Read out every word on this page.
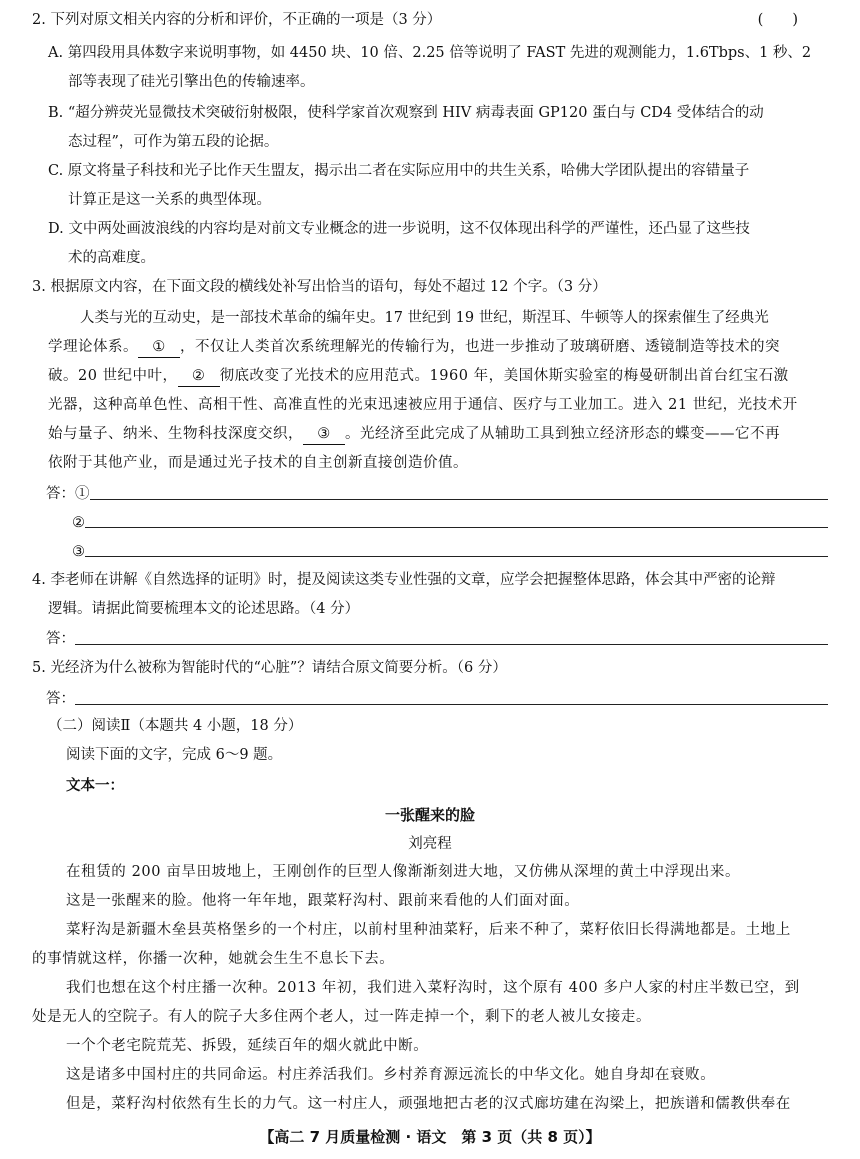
2. 下列对原文相关内容的分析和评价，不正确的一项是（3 分）	(　　)
A. 第四段用具体数字来说明事物，如 4450 块、10 倍、2.25 倍等说明了 FAST 先进的观测能力，1.6Tbps、1 秒、2
部等表现了硅光引擎出色的传输速率。
B. “超分辨荧光显微技术突破衍射极限，使科学家首次观察到 HIV 病毒表面 GP120 蛋白与 CD4 受体结合的动
态过程”，可作为第五段的论据。
C. 原文将量子科技和光子比作天生盟友，揭示出二者在实际应用中的共生关系，哈佛大学团队提出的容错量子
计算正是这一关系的典型体现。
D. 文中两处画波浪线的内容均是对前文专业概念的进一步说明，这不仅体现出科学的严谨性，还凸显了这些技
术的高难度。
3. 根据原文内容，在下面文段的横线处补写出恰当的语句，每处不超过 12 个字。（3 分）
人类与光的互动史，是一部技术革命的编年史。17 世纪到 19 世纪，斯涅耳、牛顿等人的探索催生了经典光
学理论体系。 ① ，不仅让人类首次系统理解光的传输行为，也进一步推动了玻璃研磨、透镜制造等技术的突
破。20 世纪中叶， ② 彻底改变了光技术的应用范式。1960 年，美国休斯实验室的梅曼研制出首台红宝石激
光器，这种高单色性、高相干性、高准直性的光束迅速被应用于通信、医疗与工业加工。进入 21 世纪，光技术开
始与量子、纳米、生物科技深度交织， ③ 。光经济至此完成了从辅助工具到独立经济形态的蝶变——它不再
依附于其他产业，而是通过光子技术的自主创新直接创造价值。
答：①
②
③
4. 李老师在讲解《自然选择的证明》时，提及阅读这类专业性强的文章，应学会把握整体思路，体会其中严密的论辩
逻辑。请据此简要梳理本文的论述思路。（4 分）
答：
5. 光经济为什么被称为智能时代的“心脏”？请结合原文简要分析。（6 分）
答：
（二）阅读Ⅱ（本题共 4 小题，18 分）
阅读下面的文字，完成 6～9 题。
文本一：
一张醒来的脸
刘亮程
在租赁的 200 亩旱田坡地上，王刚创作的巨型人像渐渐刻进大地，又仿佛从深埋的黄土中浮现出来。
这是一张醒来的脸。他将一年年地，跟菜籽沟村、跟前来看他的人们面对面。
菜籽沟是新疆木垒县英格堡乡的一个村庄，以前村里种油菜籽，后来不种了，菜籽依旧长得满地都是。土地上
的事情就这样，你播一次种，她就会生生不息长下去。
我们也想在这个村庄播一次种。2013 年初，我们进入菜籽沟时，这个原有 400 多户人家的村庄半数已空，到
处是无人的空院子。有人的院子大多住两个老人，过一阵走掉一个，剩下的老人被儿女接走。
一个个老宅院荒芜、拆毁，延续百年的烟火就此中断。
这是诸多中国村庄的共同命运。村庄养活我们。乡村养育源远流长的中华文化。她自身却在衰败。
但是，菜籽沟村依然有生长的力气。这一村庄人，顽强地把古老的汉式廊坊建在沟梁上，把族谱和儒教供奉在
【高二 7 月质量检测 · 语文　第 3 页（共 8 页）】
